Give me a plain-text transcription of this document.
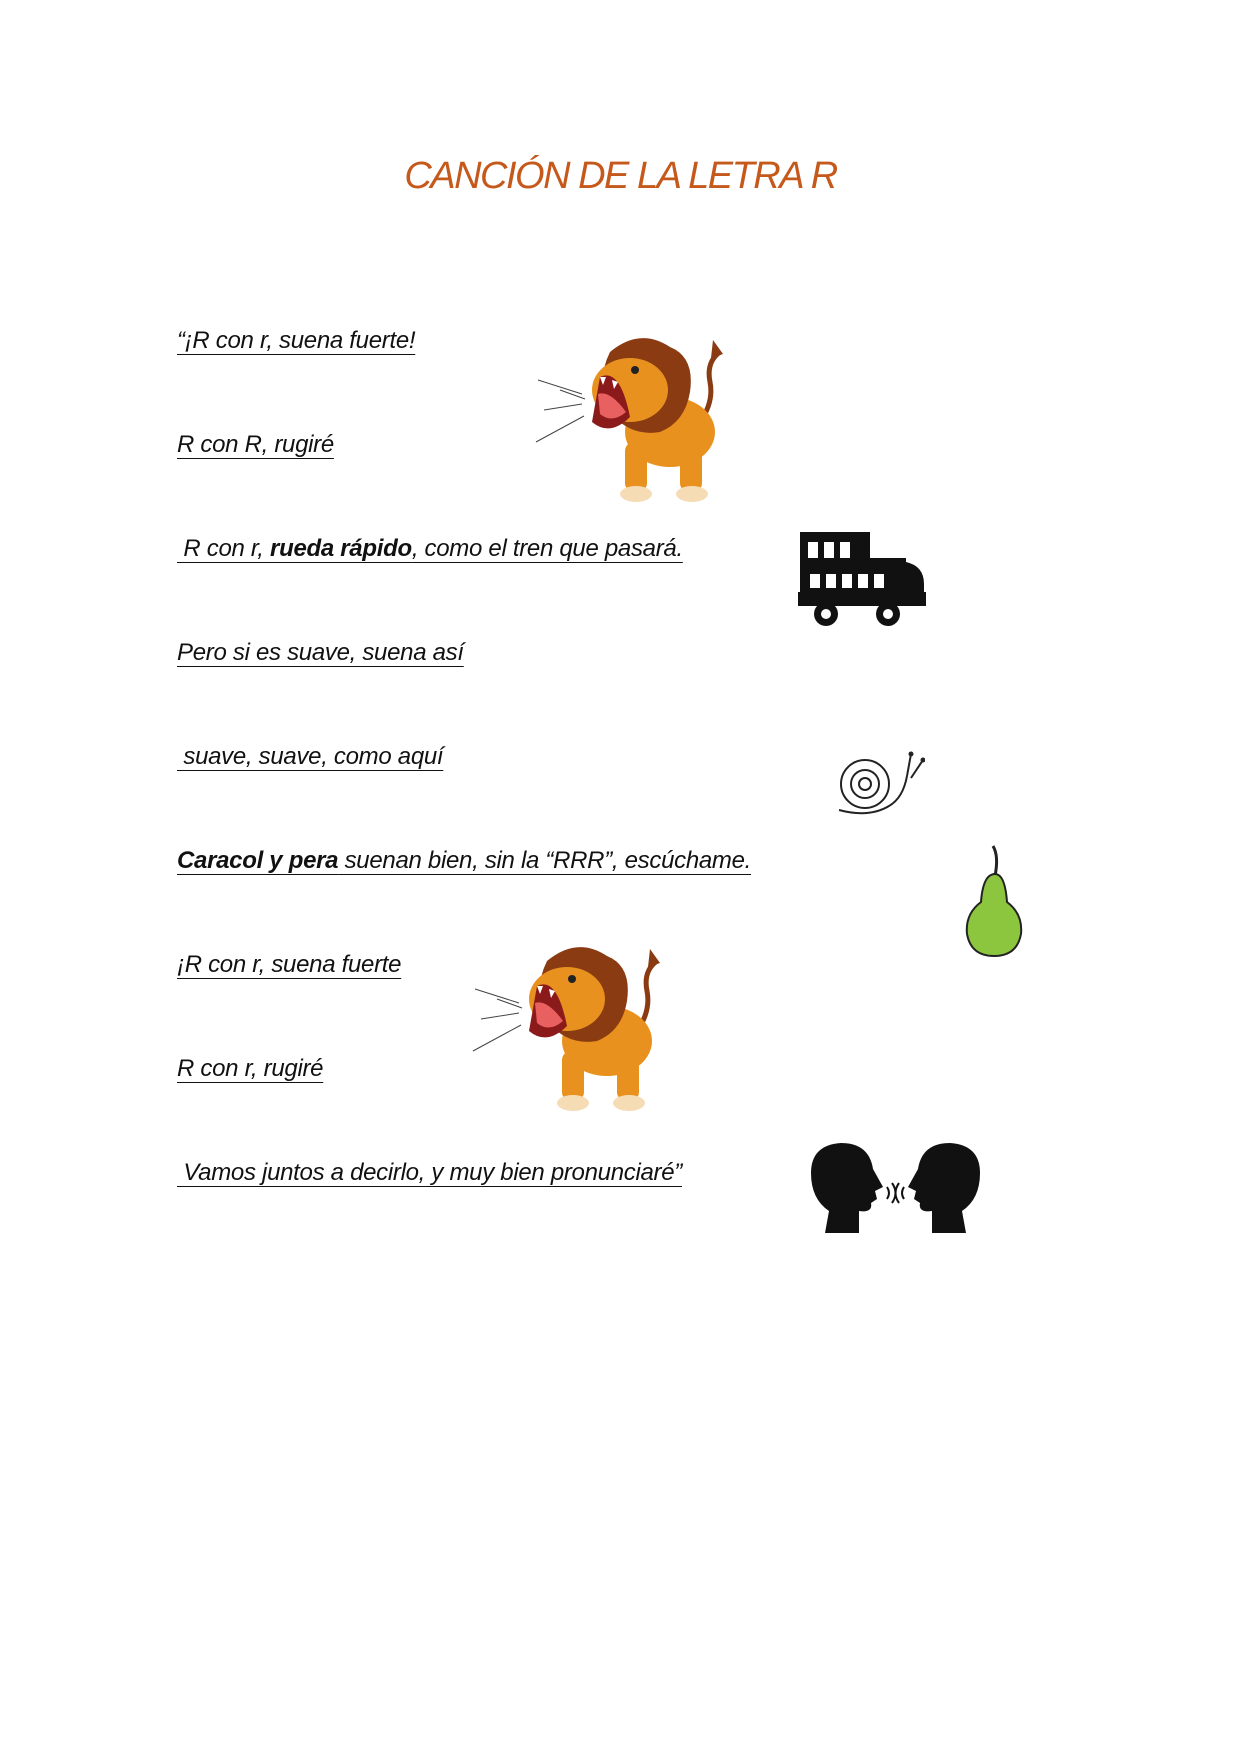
CANCIÓN DE LA LETRA R
“¡R con r, suena fuerte!
R con R, rugiré
R con r, rueda rápido, como el tren que pasará.
Pero si es suave, suena así
suave, suave, como aquí
Caracol y pera suenan bien, sin la “RRR”, escúchame.
¡R con r, suena fuerte
R con r, rugiré
Vamos juntos a decirlo, y muy bien pronunciaré”
